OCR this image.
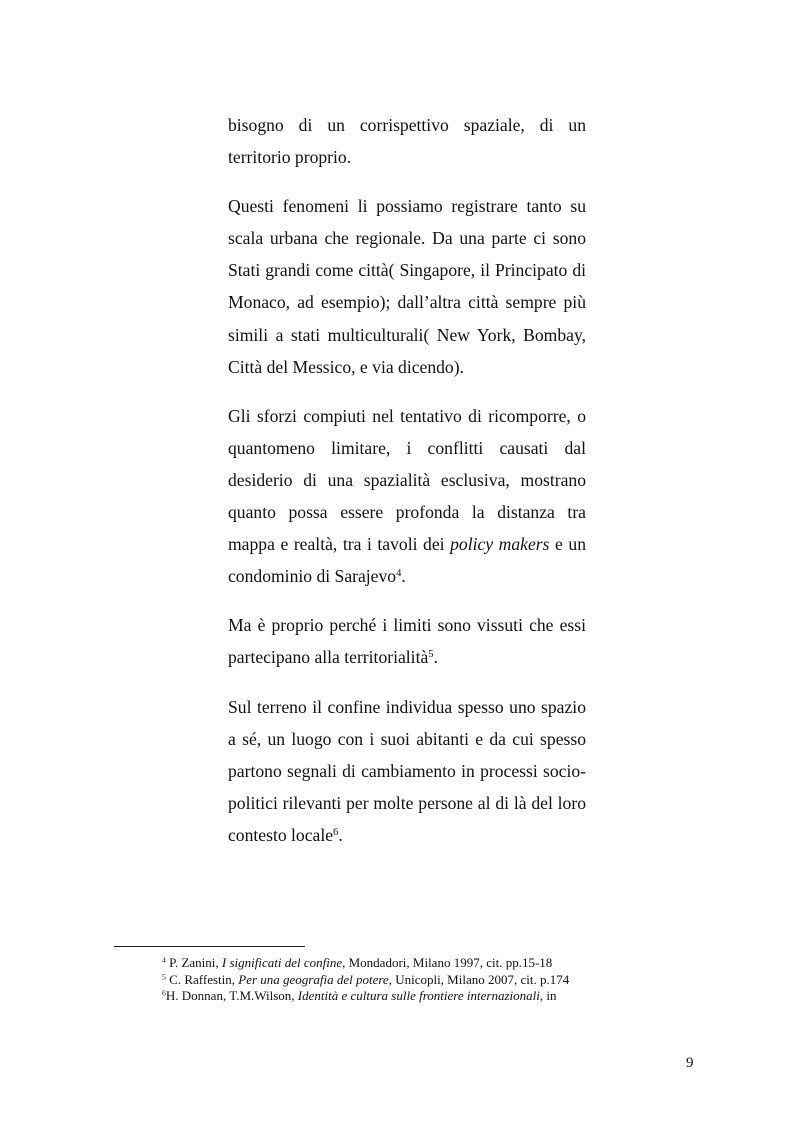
bisogno di un corrispettivo spaziale, di un territorio proprio.

Questi fenomeni li possiamo registrare tanto su scala urbana che regionale. Da una parte ci sono Stati grandi come città( Singapore, il Principato di Monaco, ad esempio); dall’altra città sempre più simili a stati multiculturali( New York, Bombay, Città del Messico, e via dicendo).

Gli sforzi compiuti nel tentativo di ricomporre, o quantomeno limitare, i conflitti causati dal desiderio di una spazialità esclusiva, mostrano quanto possa essere profonda la distanza tra mappa e realtà, tra i tavoli dei policy makers e un condominio di Sarajevo$^4$.

Ma è proprio perché i limiti sono vissuti che essi partecipano alla territorialità$^5$.

Sul terreno il confine individua spesso uno spazio a sé, un luogo con i suoi abitanti e da cui spesso partono segnali di cambiamento in processi socio-politici rilevanti per molte persone al di là del loro contesto locale$^6$.

$^4$ P. Zanini, I significati del confine, Mondadori, Milano 1997, cit. pp.15-18

$^5$ C. Raffestin, Per una geografia del potere, Unicopli, Milano 2007, cit. p.174

$^6$H. Donnan, T.M.Wilson, Identità e cultura sulle frontiere internazionali, in

9
